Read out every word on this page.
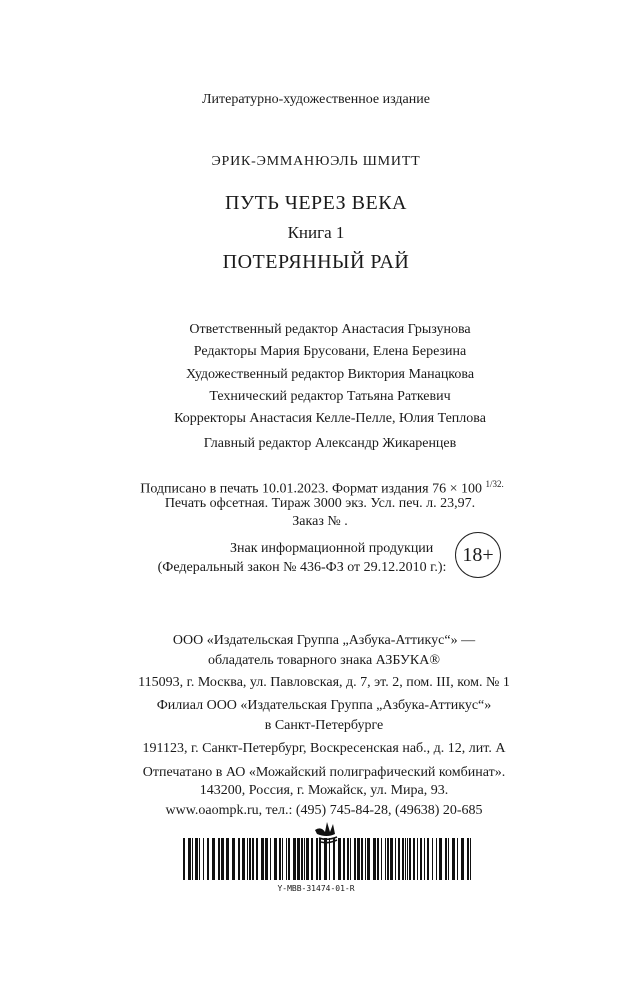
Литературно-художественное издание
ЭРИК-ЭММАНЮЭЛЬ ШМИТТ
ПУТЬ ЧЕРЕЗ ВЕКА
Книга 1
ПОТЕРЯННЫЙ РАЙ
Ответственный редактор Анастасия Грызунова
Редакторы Мария Брусовани, Елена Березина
Художественный редактор Виктория Манацкова
Технический редактор Татьяна Раткевич
Корректоры Анастасия Келле-Пелле, Юлия Теплова
Главный редактор Александр Жикаренцев
Подписано в печать 10.01.2023. Формат издания 76 × 100 $^{1/32.}$
Печать офсетная. Тираж 3000 экз. Усл. печ. л. 23,97.
Заказ № .
Знак информационной продукции
(Федеральный закон № 436-ФЗ от 29.12.2010 г.):
18+
ООО «Издательская Группа „Азбука-Аттикус“» —
обладатель товарного знака АЗБУКА®
115093, г. Москва, ул. Павловская, д. 7, эт. 2, пом. III, ком. № 1
Филиал ООО «Издательская Группа „Азбука-Аттикус“»
в Санкт-Петербурге
191123, г. Санкт-Петербург, Воскресенская наб., д. 12, лит. А
Отпечатано в АО «Можайский полиграфический комбинат».
143200, Россия, г. Можайск, ул. Мира, 93.
www.oaompk.ru, тел.: (495) 745-84-28, (49638) 20-685
Y-MBB-31474-01-R
